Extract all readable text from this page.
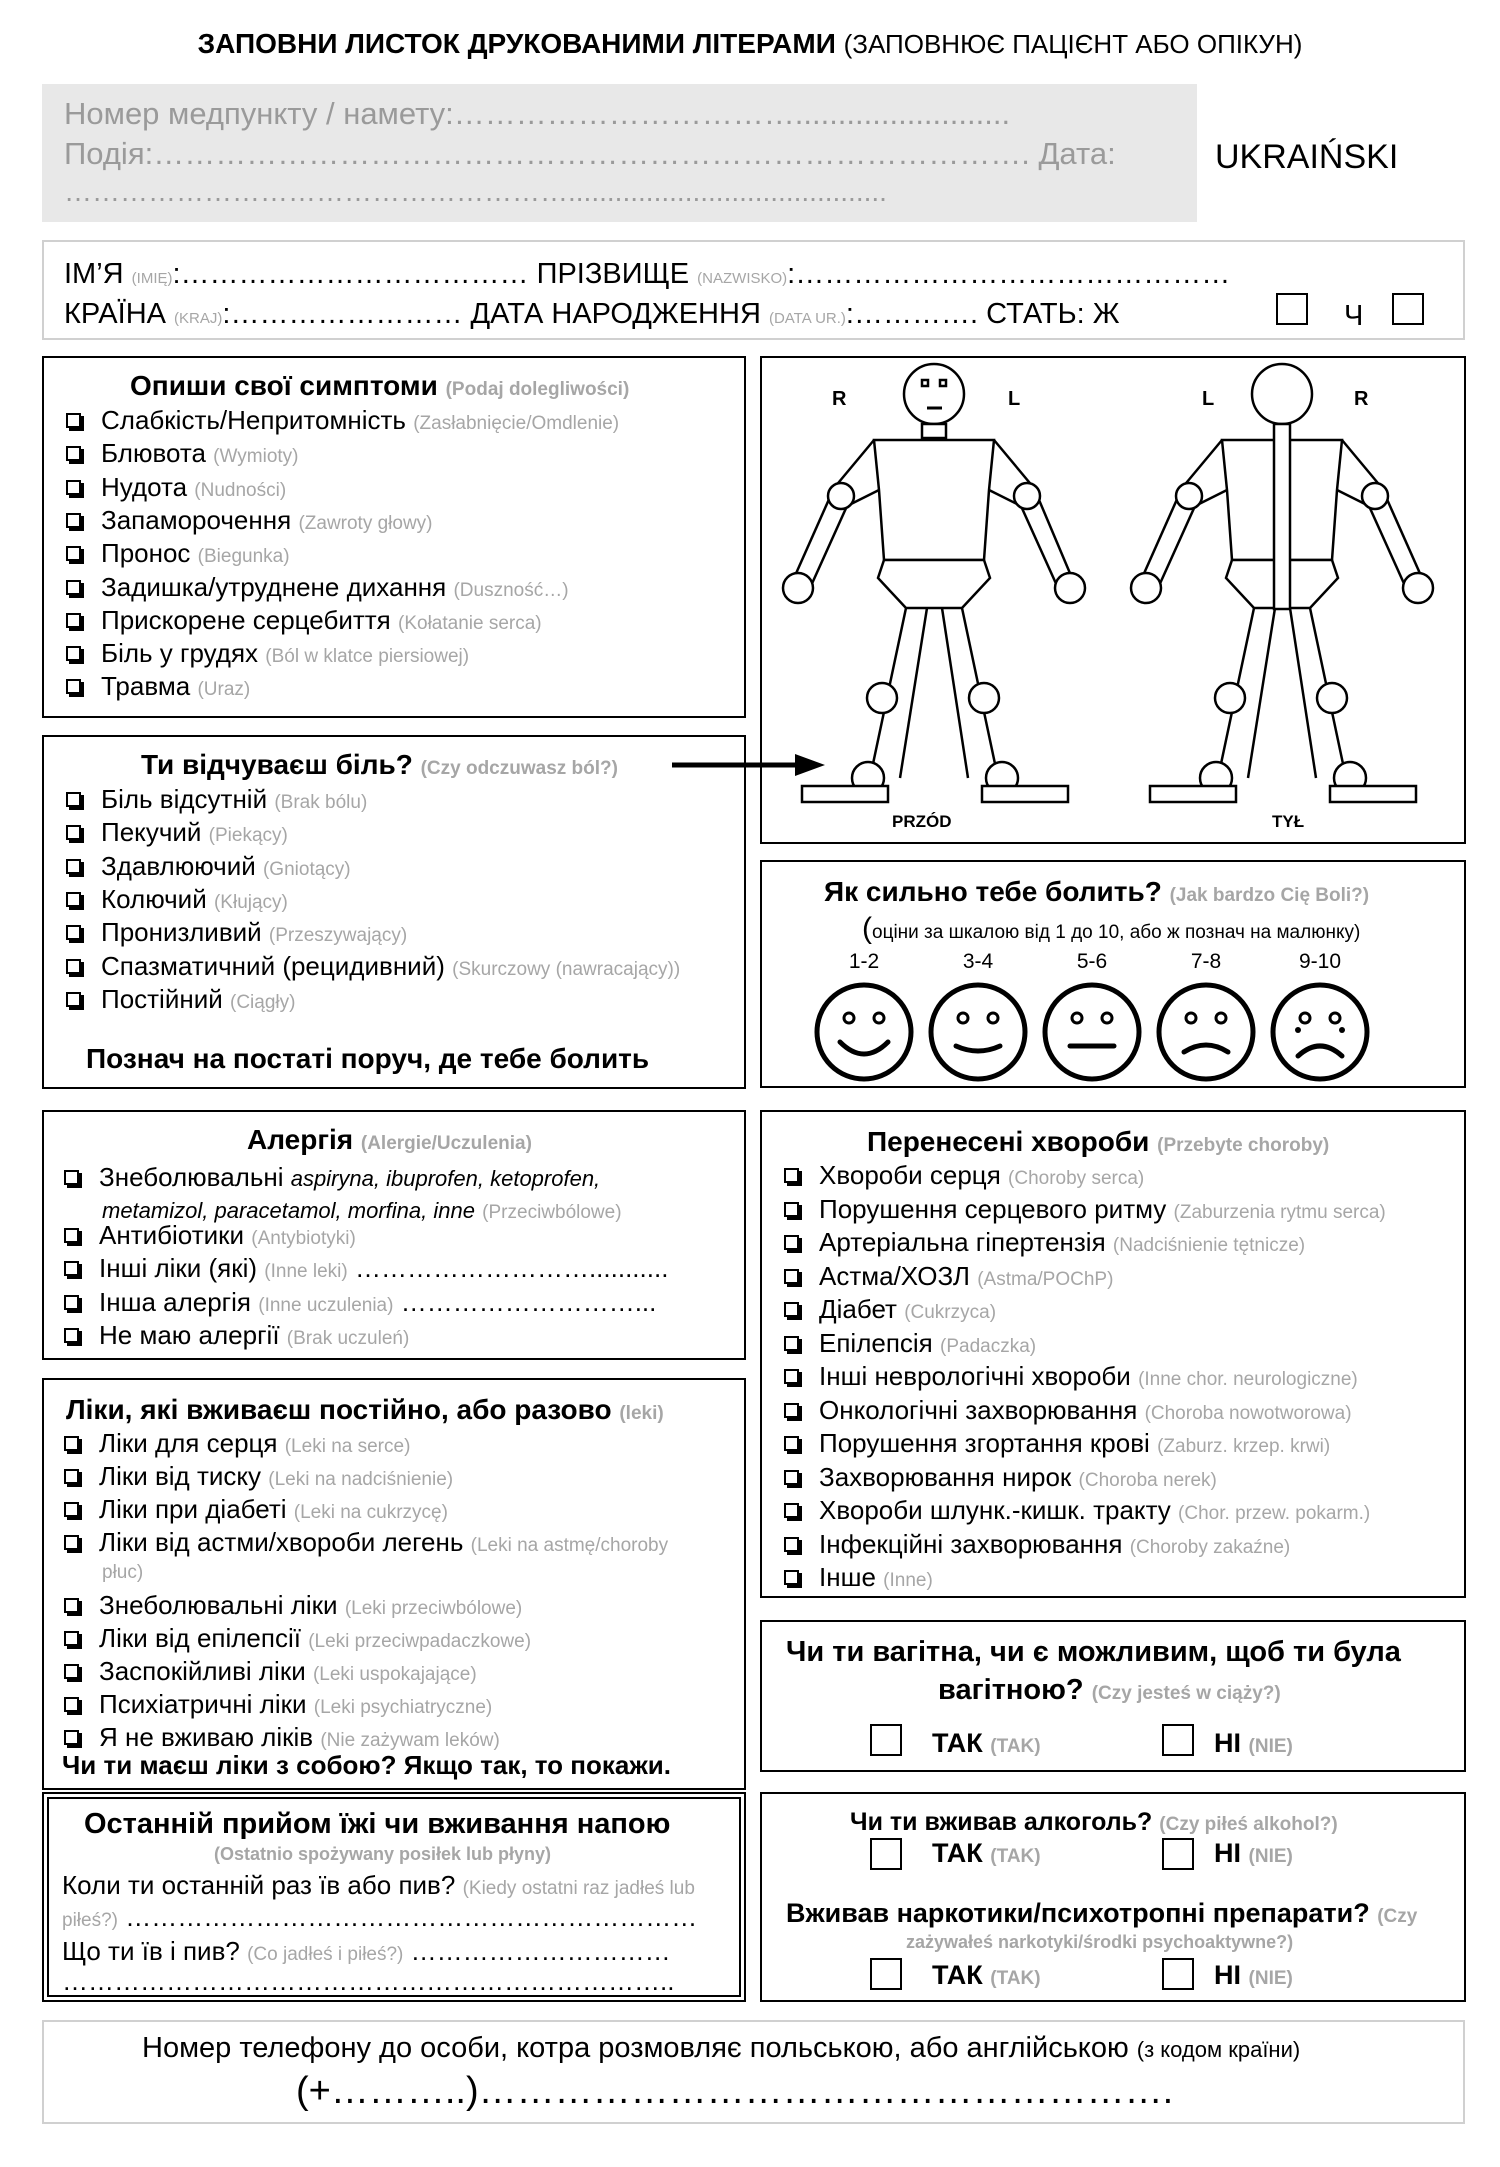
ЗАПОВНИ ЛИСТОК ДРУКОВАНИМИ ЛІТЕРАМИ (ЗАПОВНЮЄ ПАЦІЄНТ АБО ОПІКУН)
Номер медпункту / намету:…………………………….........................
Подія:…………………………………………………………………………. Дата:
……………………………………………….........................................
UKRAIŃSKI
ІМ’Я (IMIĘ):……………………………… ПРІЗВИЩЕ (NAZWISKO):………………………………………
КРАЇНА (KRAJ):…………………… ДАТА НАРОДЖЕННЯ (DATA UR.):…………. СТАТЬ: Ж	Ч
Опиши свої симптоми (Podaj dolegliwości)
Слабкість/Непритомність (Zasłabnięcie/Omdlenie)
Блювота (Wymioty)
Нудота (Nudności)
Запаморочення (Zawroty głowy)
Пронос (Biegunka)
Задишка/утруднене дихання (Duszność…)
Прискорене серцебиття (Kołatanie serca)
Біль у грудях (Ból w klatce piersiowej)
Травма (Uraz)
Ти відчуваєш біль? (Czy odczuwasz ból?)
Познач на постаті поруч, де тебе болить
Біль відсутній (Brak bólu)
Пекучий (Piekący)
Здавлюючий (Gniotący)
Колючий (Kłujący)
Пронизливий (Przeszywający)
Спазматичний (рецидивний) (Skurczowy (nawracający))
Постійний (Ciągły)
R	L	L	R
PRZÓD	TYŁ
Як сильно тебе болить? (Jak bardzo Cię Boli?)
(оціни за шкалою від 1 до 10, або ж познач на малюнку)
1-2	3-4	5-6	7-8	9-10
Алергія (Alergie/Uczulenia)
Знеболювальні aspiryna, ibuprofen, ketoprofen,
metamizol, paracetamol, morfina, inne (Przeciwbólowe)
Антибіотики (Antybiotyki)
Інші ліки (які) (Inne leki) ………………………...........
Інша алергія (Inne uczulenia) ………………………...
Не маю алергії (Brak uczuleń)
Ліки, які вживаєш постійно, або разово (leki)
płuc)
Чи ти маєш ліки з собою? Якщо так, то покажи.
Ліки для серця (Leki na serce)
Ліки від тиску (Leki na nadciśnienie)
Ліки при діабеті (Leki na cukrzycę)
Ліки від астми/хвороби легень (Leki na astmę/choroby
Знеболювальні ліки (Leki przeciwbólowe)
Ліки від епілепсії (Leki przeciwpadaczkowe)
Заспокійливі ліки (Leki uspokajające)
Психіатричні ліки (Leki psychiatryczne)
Я не вживаю ліків (Nie zażywam leków)
Перенесені хвороби (Przebyte choroby)
Хвороби серця (Choroby serca)
Порушення серцевого ритму (Zaburzenia rytmu serca)
Артеріальна гіпертензія (Nadciśnienie tętnicze)
Астма/ХОЗЛ (Astma/POChP)
Діабет (Cukrzyca)
Епілепсія (Padaczka)
Інші неврологічні хвороби (Inne chor. neurologiczne)
Онкологічні захворювання (Choroba nowotworowa)
Порушення згортання крові (Zaburz. krzep. krwi)
Захворювання нирок (Choroba nerek)
Хвороби шлунк.-кишк. тракту (Chor. przew. pokarm.)
Інфекційні захворювання (Choroby zakaźne)
Інше (Inne)
Чи ти вагітна, чи є можливим, щоб ти була
вагітною? (Czy jesteś w ciąży?)
ТАК (TAK)	НІ (NIE)
Останній прийом їжі чи вживання напою
(Ostatnio spożywany posiłek lub płyny)
Коли ти останній раз їв або пив? (Kiedy ostatni raz jadłeś lub
piłeś?) …………………………………………………………
Що ти їв і пив? (Co jadłeś i piłeś?) …………………………
……………………………………………………………..
Чи ти вживав алкоголь? (Czy piłeś alkohol?)
ТАК (TAK)	НІ (NIE)
Вживав наркотики/психотропні препарати? (Czy
zażywałeś narkotyki/środki psychoaktywne?)
ТАК (TAK)	НІ (NIE)
Номер телефону до особи, котра розмовляє польською, або англійською (з кодом країни)
(+………..)……………………………………………….
